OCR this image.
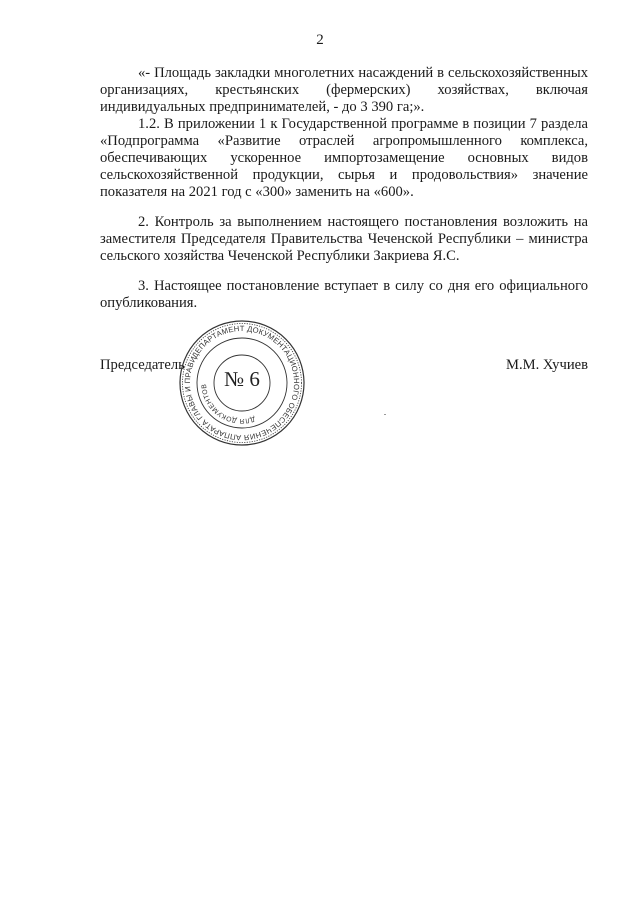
2

«- Площадь закладки многолетних насаждений в сельскохозяйственных организациях, крестьянских (фермерских) хозяйствах, включая индивидуальных предпринимателей, - до 3 390 га;».

1.2. В приложении 1 к Государственной программе в позиции 7 раздела «Подпрограмма «Развитие отраслей агропромышленного комплекса, обеспечивающих ускоренное импортозамещение основных видов сельскохозяйственной продукции, сырья и продовольствия» значение показателя на 2021 год с «300» заменить на «600».

2. Контроль за выполнением настоящего постановления возложить на заместителя Председателя Правительства Чеченской Республики – министра сельского хозяйства Чеченской Республики Закриева Я.С.

3. Настоящее постановление вступает в силу со дня его официального опубликования.

Председатель	М.М. Хучиев
ДЕПАРТАМЕНТ ДОКУМЕНТАЦИОННОГО ОБЕСПЕЧЕНИЯ АППАРАТА ГЛАВЫ И ПРАВИТЕЛЬСТВА
ДЛЯ ДОКУМЕНТОВ № 6
